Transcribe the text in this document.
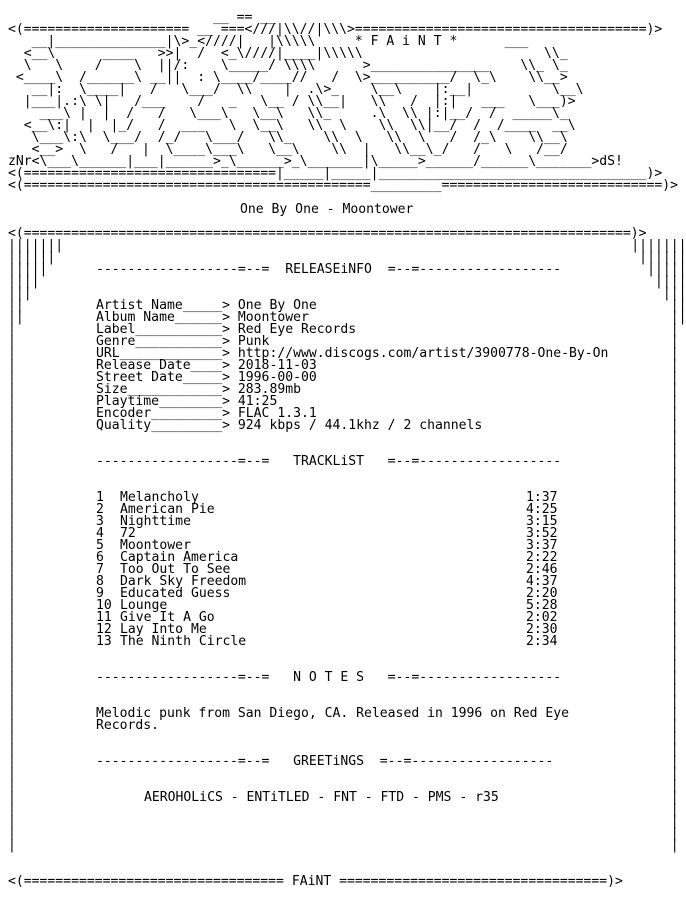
__ == __
<(===================== __ ===<///|\\//|\\\>=====================================)>
__|______________|\>_<////|   |\\\\\     * F A i N T *      ___
<__\      ____   >>|  /  <_\////|____|\\\\\                       \\_
\   \    /    \  ||/:    \_____/ \\\\      >_______________    \\_ \_
<____\  /______\ __||  : \____/____//   /  \>__________/  \_\    \\__>
__|:  \____|   /   \___/  \\    |  .\>_    \__\    |:__|          \__\
|___|.:\ \|   /___    /   _   \__ / \\__|   \\   /  |:|   ___   \___)>
___\ |  |  /   /   \___\   \__\   \\_     .\  \\ |:|__/  /  _____\_
<__\:|  |  |_/   /  ___   \  \__\   \\  \    \\  \\|__/  /  /____  __\
\___\:\  \___/  /_/   \___/   \\_    \\  \   \\  \   /  /_\    \\__\
<__>  \   /   |  \____\___\   \__\    \\  |   \\__\_/   /   \   /__/
zNr<\___\______|___|______>_\______>_\_______|\_____>______/______\_______>dS!
<(================================|_____|_____|__________________________________)>
<(============================================_________============================)>

One By One - Moontower

<(=============================================================================)>

|||||||
||||||
|||||
||||
|||
||
||
|
|
|
|
|
|
|
|
|
|
|
|
|
|
|
|
|
|
|
|
|
|
|
|
|
|
|
|
|
|
|
|
|
|
|
|
|
|
|
|
|
|
|
|

|||||||
||||||
|||||
||||
|||
||
||
|
|
|
|
|
|
|
|
|
|
|
|
|
|
|
|
|
|
|
|
|
|
|
|
|
|
|
|
|
|
|
|
|
|
|
|
|
|
|
|
|
|
|
|

------------------=--=  RELEASEiNFO  =--=------------------

Artist Name_____> One By One
Album Name______> Moontower
Label___________> Red Eye Records
Genre___________> Punk
URL_____________> http://www.discogs.com/artist/3900778-One-By-On
Release Date____> 2018-11-03
Street Date_____> 1996-00-00
Size____________> 283.89mb
Playtime________> 41:25
Encoder_________> FLAC 1.3.1
Quality_________> 924 kbps / 44.1khz / 2 channels

------------------=--=   TRACKLiST   =--=------------------

1 Melancholy	1:37
2 American Pie	4:25
3 Nighttime	3:15
4 72	3:52
5 Moontower	3:37
6 Captain America	2:22
7 Too Out To See	2:46
8 Dark Sky Freedom	4:37
9 Educated Guess	2:20
10 Lounge	5:28
11 Give It A Go	2:02
12 Lay Into Me	2:30
13 The Ninth Circle	2:34

------------------=--=   N O T E S   =--=------------------

Melodic punk from San Diego, CA. Released in 1996 on Red Eye

Records.

------------------=--=   GREETiNGS  =--=------------------

AEROHOLiCS - ENTiTLED - FNT - FTD - PMS - r35

<(================================= FAiNT ==================================)>
